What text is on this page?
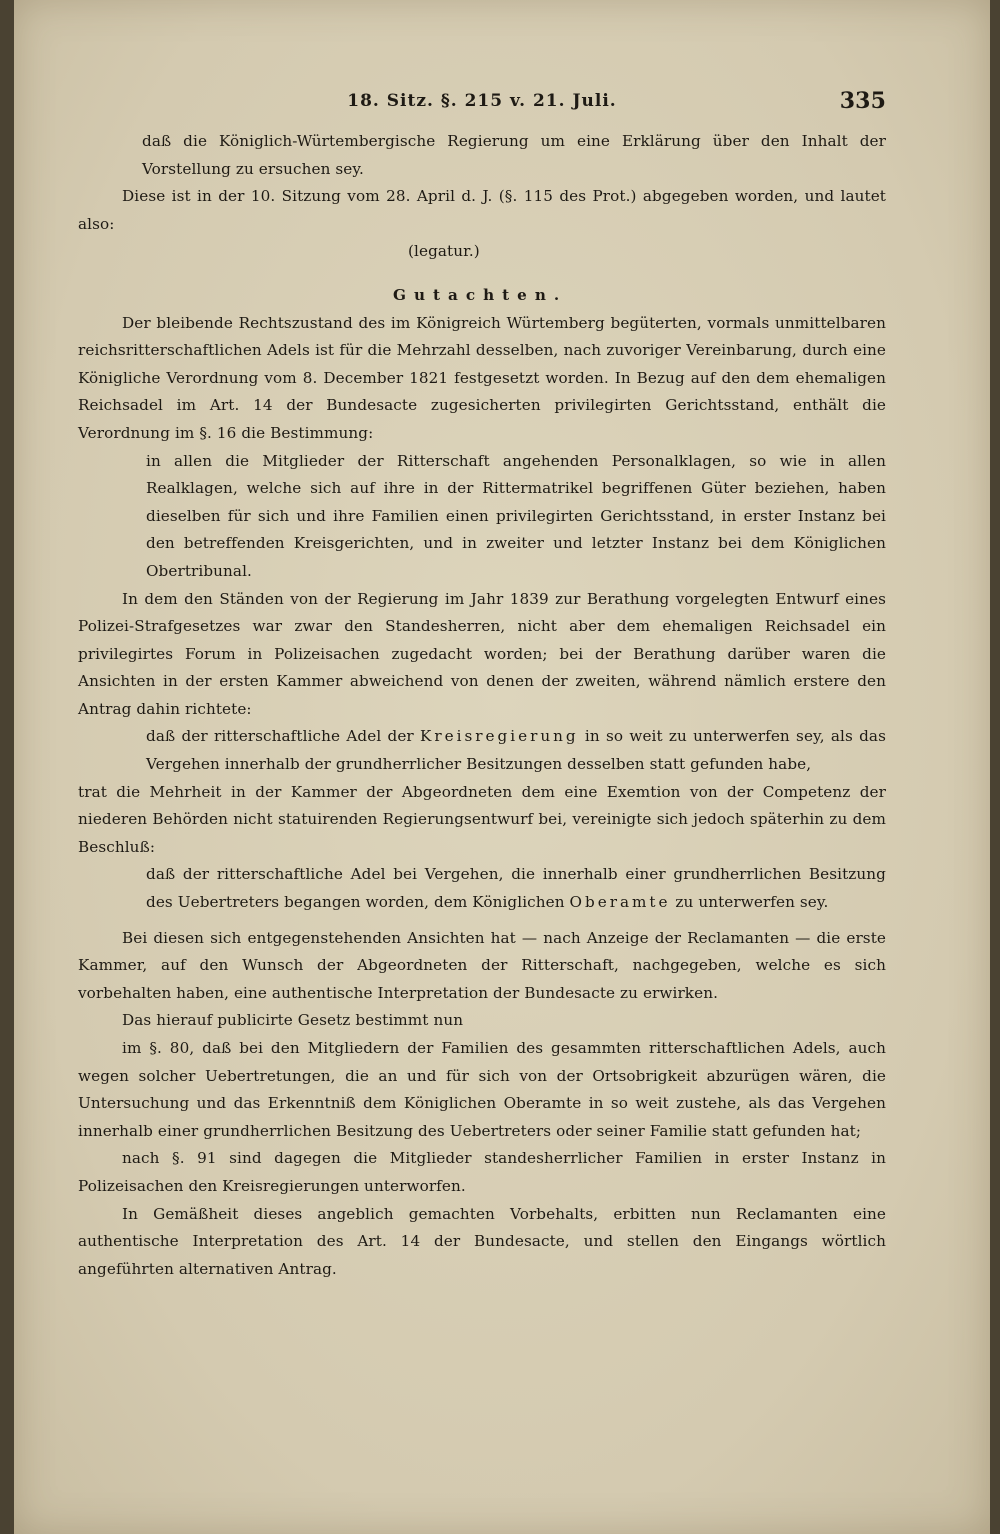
18. Sitz. §. 215 v. 21. Juli.	335

daß die Königlich-Würtembergische Regierung um eine Erklärung über den Inhalt der Vorstellung zu ersuchen sey.

Diese ist in der 10. Sitzung vom 28. April d. J. (§. 115 des Prot.) abgegeben worden, und lautet also:

(legatur.)

Gutachten.

Der bleibende Rechtszustand des im Königreich Würtemberg begüterten, vormals unmittelbaren reichsritterschaftlichen Adels ist für die Mehrzahl desselben, nach zuvoriger Vereinbarung, durch eine Königliche Verordnung vom 8. December 1821 festgesetzt worden. In Bezug auf den dem ehemaligen Reichsadel im Art. 14 der Bundesacte zugesicherten privilegirten Gerichtsstand, enthält die Verordnung im §. 16 die Bestimmung:

in allen die Mitglieder der Ritterschaft angehenden Personalklagen, so wie in allen Realklagen, welche sich auf ihre in der Rittermatrikel begriffenen Güter beziehen, haben dieselben für sich und ihre Familien einen privilegirten Gerichtsstand, in erster Instanz bei den betreffenden Kreisgerichten, und in zweiter und letzter Instanz bei dem Königlichen Obertribunal.

In dem den Ständen von der Regierung im Jahr 1839 zur Berathung vorgelegten Entwurf eines Polizei-Strafgesetzes war zwar den Standesherren, nicht aber dem ehemaligen Reichsadel ein privilegirtes Forum in Polizeisachen zugedacht worden; bei der Berathung darüber waren die Ansichten in der ersten Kammer abweichend von denen der zweiten, während nämlich erstere den Antrag dahin richtete:

daß der ritterschaftliche Adel der Kreisregierung in so weit zu unterwerfen sey, als das Vergehen innerhalb der grundherrlicher Besitzungen desselben statt gefunden habe,

trat die Mehrheit in der Kammer der Abgeordneten dem eine Exemtion von der Competenz der niederen Behörden nicht statuirenden Regierungsentwurf bei, vereinigte sich jedoch späterhin zu dem Beschluß:

daß der ritterschaftliche Adel bei Vergehen, die innerhalb einer grundherrlichen Besitzung des Uebertreters begangen worden, dem Königlichen Oberamte zu unterwerfen sey.

Bei diesen sich entgegenstehenden Ansichten hat — nach Anzeige der Reclamanten — die erste Kammer, auf den Wunsch der Abgeordneten der Ritterschaft, nachgegeben, welche es sich vorbehalten haben, eine authentische Interpretation der Bundesacte zu erwirken.

Das hierauf publicirte Gesetz bestimmt nun

im §. 80, daß bei den Mitgliedern der Familien des gesammten ritterschaftlichen Adels, auch wegen solcher Uebertretungen, die an und für sich von der Ortsobrigkeit abzurügen wären, die Untersuchung und das Erkenntniß dem Königlichen Oberamte in so weit zustehe, als das Vergehen innerhalb einer grundherrlichen Besitzung des Uebertreters oder seiner Familie statt gefunden hat;

nach §. 91 sind dagegen die Mitglieder standesherrlicher Familien in erster Instanz in Polizeisachen den Kreisregierungen unterworfen.

In Gemäßheit dieses angeblich gemachten Vorbehalts, erbitten nun Reclamanten eine authentische Interpretation des Art. 14 der Bundesacte, und stellen den Eingangs wörtlich angeführten alternativen Antrag.
